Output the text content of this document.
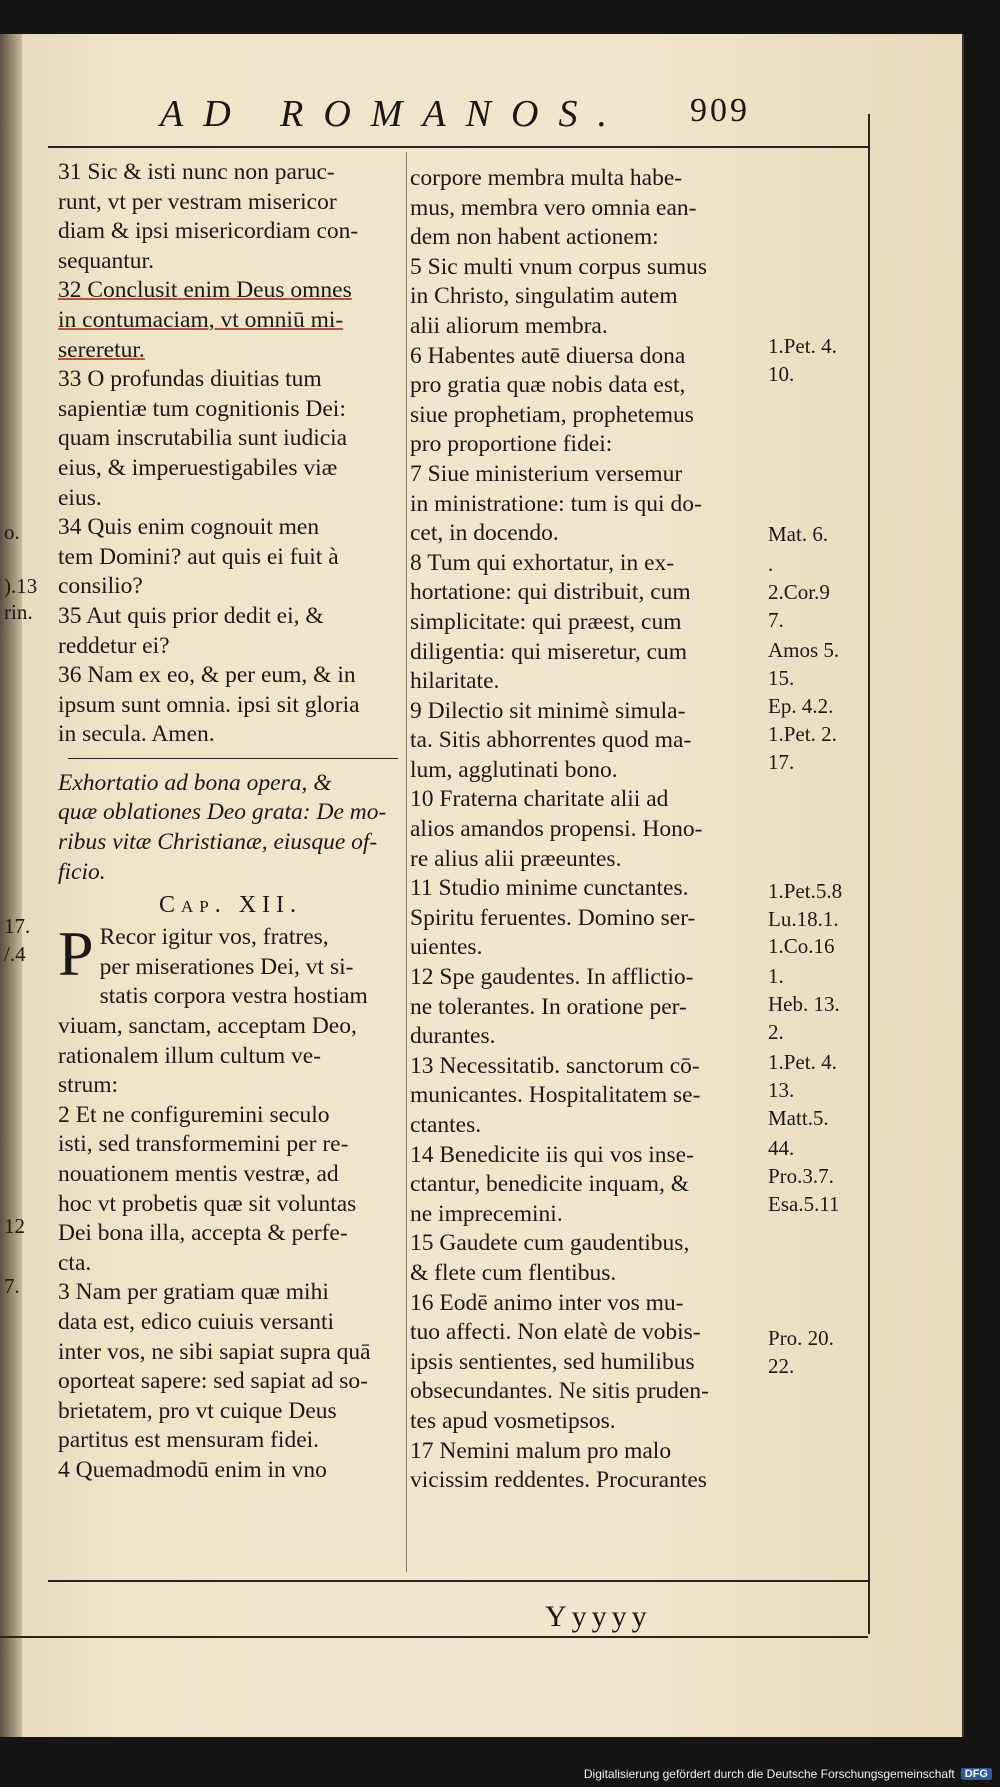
AD ROMANOS.	909
31 Sic & isti nunc non paruc-
runt, vt per vestram misericor
diam & ipsi misericordiam con-
sequantur.
32 Conclusit enim Deus omnes
in contumaciam, vt omniū mi-
sereretur.
33 O profundas diuitias tum
sapientiæ tum cognitionis Dei:
quam inscrutabilia sunt iudicia
eius, & imperuestigabiles viæ
eius.
34 Quis enim cognouit men
tem Domini? aut quis ei fuit à
consilio?
35 Aut quis prior dedit ei, &
reddetur ei?
36 Nam ex eo, & per eum, & in
ipsum sunt omnia. ipsi sit gloria
in secula. Amen.
Exhortatio ad bona opera, &
quæ oblationes Deo grata: De mo-
ribus vitæ Christianæ, eiusque of-
ficio.
Cap. XII.
P Recor igitur vos, fratres,
per miserationes Dei, vt si-
statis corpora vestra hostiam
viuam, sanctam, acceptam Deo,
rationalem illum cultum ve-
strum:
2 Et ne configuremini seculo
isti, sed transformemini per re-
nouationem mentis vestræ, ad
hoc vt probetis quæ sit voluntas
Dei bona illa, accepta & perfe-
cta.
3 Nam per gratiam quæ mihi
data est, edico cuiuis versanti
inter vos, ne sibi sapiat supra quā
oporteat sapere: sed sapiat ad so-
brietatem, pro vt cuique Deus
partitus est mensuram fidei.
4 Quemadmodū enim in vno
corpore membra multa habe-
mus, membra vero omnia ean-
dem non habent actionem:
5 Sic multi vnum corpus sumus
in Christo, singulatim autem
alii aliorum membra.
6 Habentes autē diuersa dona
pro gratia quæ nobis data est,
siue prophetiam, prophetemus
pro proportione fidei:
7 Siue ministerium versemur
in ministratione: tum is qui do-
cet, in docendo.
8 Tum qui exhortatur, in ex-
hortatione: qui distribuit, cum
simplicitate: qui præest, cum
diligentia: qui miseretur, cum
hilaritate.
9 Dilectio sit minimè simula-
ta. Sitis abhorrentes quod ma-
lum, agglutinati bono.
10 Fraterna charitate alii ad
alios amandos propensi. Hono-
re alius alii præeuntes.
11 Studio minime cunctantes.
Spiritu feruentes. Domino ser-
uientes.
12 Spe gaudentes. In afflictio-
ne tolerantes. In oratione per-
durantes.
13 Necessitatib. sanctorum cō-
municantes. Hospitalitatem se-
ctantes.
14 Benedicite iis qui vos inse-
ctantur, benedicite inquam, &
ne imprecemini.
15 Gaudete cum gaudentibus,
& flete cum flentibus.
16 Eodē animo inter vos mu-
tuo affecti. Non elatè de vobis-
ipsis sentientes, sed humilibus
obsecundantes. Ne sitis pruden-
tes apud vosmetipsos.
17 Nemini malum pro malo
vicissim reddentes. Procurantes
1.Pet. 4.
10.
Mat. 6.
.
2.Cor.9
7.
Amos 5.
15.
Ep. 4.2.
1.Pet. 2.
17.
1.Pet.5.8
Lu.18.1.
1.Co.16
1.
Heb. 13.
2.
1.Pet. 4.
13.
Matt.5.
44.
Pro.3.7.
Esa.5.11
Pro. 20.
22.
o.
).13
rin.
17.
/.4
12
7.
Yyyyy
Digitalisierung gefördert durch die Deutsche Forschungsgemeinschaft DFG
